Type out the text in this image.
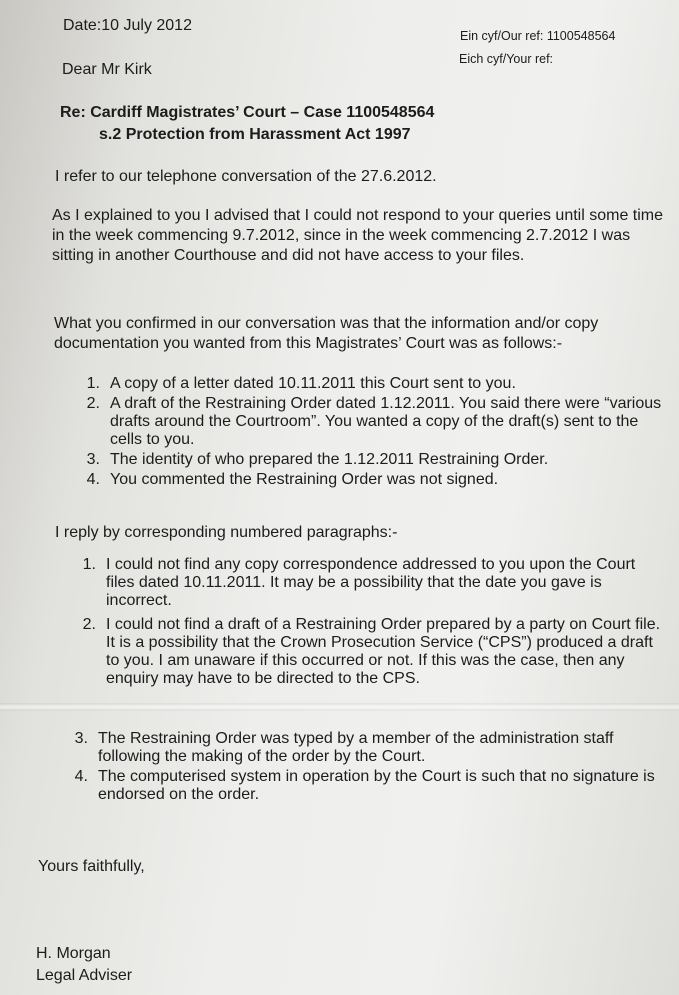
Date:10 July 2012
Ein cyf/Our ref: 1100548564
Eich cyf/Your ref:
Dear Mr Kirk
Re: Cardiff Magistrates’ Court – Case 1100548564
s.2 Protection from Harassment Act 1997
I refer to our telephone conversation of the 27.6.2012.
As I explained to you I advised that I could not respond to your queries until some time in the week commencing 9.7.2012, since in the week commencing 2.7.2012 I was sitting in another Courthouse and did not have access to your files.
What you confirmed in our conversation was that the information and/or copy documentation you wanted from this Magistrates’ Court was as follows:-
1. A copy of a letter dated 10.11.2011 this Court sent to you.
2. A draft of the Restraining Order dated 1.12.2011. You said there were “various drafts around the Courtroom”. You wanted a copy of the draft(s) sent to the cells to you.
3. The identity of who prepared the 1.12.2011 Restraining Order.
4. You commented the Restraining Order was not signed.
I reply by corresponding numbered paragraphs:-
1. I could not find any copy correspondence addressed to you upon the Court files dated 10.11.2011. It may be a possibility that the date you gave is incorrect.
2. I could not find a draft of a Restraining Order prepared by a party on Court file. It is a possibility that the Crown Prosecution Service (“CPS”) produced a draft to you. I am unaware if this occurred or not. If this was the case, then any enquiry may have to be directed to the CPS.
3. The Restraining Order was typed by a member of the administration staff following the making of the order by the Court.
4. The computerised system in operation by the Court is such that no signature is endorsed on the order.
Yours faithfully,
H. Morgan
Legal Adviser
